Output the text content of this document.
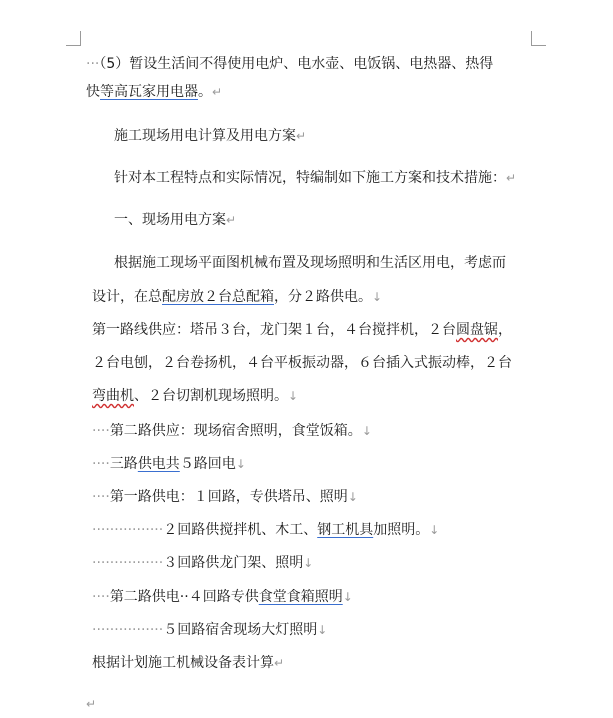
···（5）暂设生活间不得使用电炉、电水壶、电饭锅、电热器、热得
快等高瓦家用电器。↵
施工现场用电计算及用电方案↵
针对本工程特点和实际情况，特编制如下施工方案和技术措施：↵
一、现场用电方案↵
根据施工现场平面图机械布置及现场照明和生活区用电，考虑而
设计，在总配房放２台总配箱，分２路供电。↓
第一路线供应：塔吊３台，龙门架１台，４台搅拌机，２台圆盘锯，
２台电刨，２台卷扬机，４台平板振动器，６台插入式振动棒，２台
弯曲机、２台切割机现场照明。↓
····第二路供应：现场宿舍照明，食堂饭箱。↓
····三路供电共５路回电↓
····第一路供电：１回路，专供塔吊、照明↓
················２回路供搅拌机、木工、钢工机具加照明。↓
················３回路供龙门架、照明↓
····第二路供电··４回路专供食堂食箱照明↓
················５回路宿舍现场大灯照明↓
根据计划施工机械设备表计算↵
↵
